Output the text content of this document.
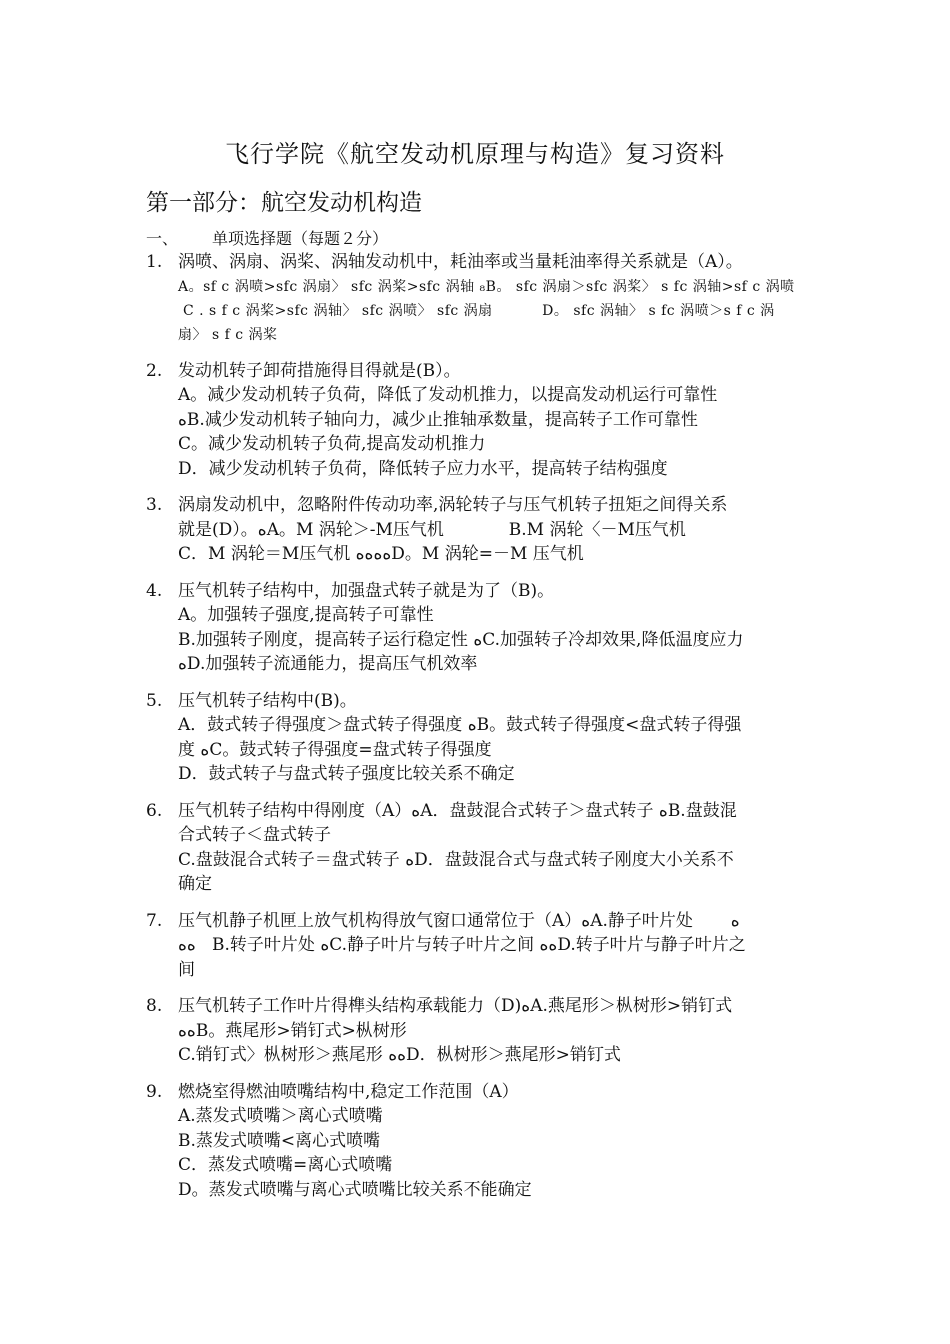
飞行学院《航空发动机原理与构造》复习资料
第一部分：航空发动机构造
一、 单项选择题（每题２分）
1. 涡喷、涡扇、涡桨、涡轴发动机中，耗油率或当量耗油率得关系就是（A）。
A。sf c 涡喷>sfc 涡扇〉 sfc 涡桨>sfc 涡轴 ₈B。 sfc 涡扇＞sfc 涡桨〉 s fc 涡轴>sf c 涡喷
C . s f c 涡桨>sfc 涡轴〉 sfc 涡喷〉 sfc 涡扇          D。 sfc 涡轴〉 s fc 涡喷＞s f c 涡
扇〉 s f c 涡桨
2. 发动机转子卸荷措施得目得就是(B）。
A。减少发动机转子负荷，降低了发动机推力，以提高发动机运行可靠性
ﻩB.减少发动机转子轴向力，减少止推轴承数量，提高转子工作可靠性
C。减少发动机转子负荷,提高发动机推力
D．减少发动机转子负荷，降低转子应力水平，提高转子结构强度
3. 涡扇发动机中，忽略附件传动功率,涡轮转子与压气机转子扭矩之间得关系
就是(D）。ﻩA。M 涡轮＞-M压气机            B.M 涡轮〈－M压气机
C．M 涡轮＝M压气机 ﻩﻩﻩﻩD。M 涡轮=－M 压气机
4. 压气机转子结构中，加强盘式转子就是为了（B)。
A。加强转子强度,提高转子可靠性
B.加强转子刚度，提高转子运行稳定性 ﻩC.加强转子冷却效果,降低温度应力
ﻩD.加强转子流通能力，提高压气机效率
5. 压气机转子结构中(B)。
A．鼓式转子得强度＞盘式转子得强度 ﻩB。鼓式转子得强度<盘式转子得强
度 ﻩC。鼓式转子得强度=盘式转子得强度
D．鼓式转子与盘式转子强度比较关系不确定
6. 压气机转子结构中得刚度（A）ﻩA．盘鼓混合式转子＞盘式转子 ﻩB.盘鼓混
合式转子＜盘式转子
C.盘鼓混合式转子＝盘式转子 ﻩD．盘鼓混合式与盘式转子刚度大小关系不
确定
7. 压气机静子机匣上放气机构得放气窗口通常位于（A）ﻩA.静子叶片处       ﻩ
ﻩﻩ   B.转子叶片处 ﻩC.静子叶片与转子叶片之间 ﻩﻩD.转子叶片与静子叶片之
间
8. 压气机转子工作叶片得榫头结构承载能力（D)ﻩA.燕尾形＞枞树形>销钉式
ﻩﻩB。燕尾形>销钉式>枞树形
C.销钉式〉枞树形＞燕尾形 ﻩﻩD．枞树形＞燕尾形>销钉式
9. 燃烧室得燃油喷嘴结构中,稳定工作范围（A）
A.蒸发式喷嘴＞离心式喷嘴
B.蒸发式喷嘴<离心式喷嘴
C．蒸发式喷嘴=离心式喷嘴
D。蒸发式喷嘴与离心式喷嘴比较关系不能确定
